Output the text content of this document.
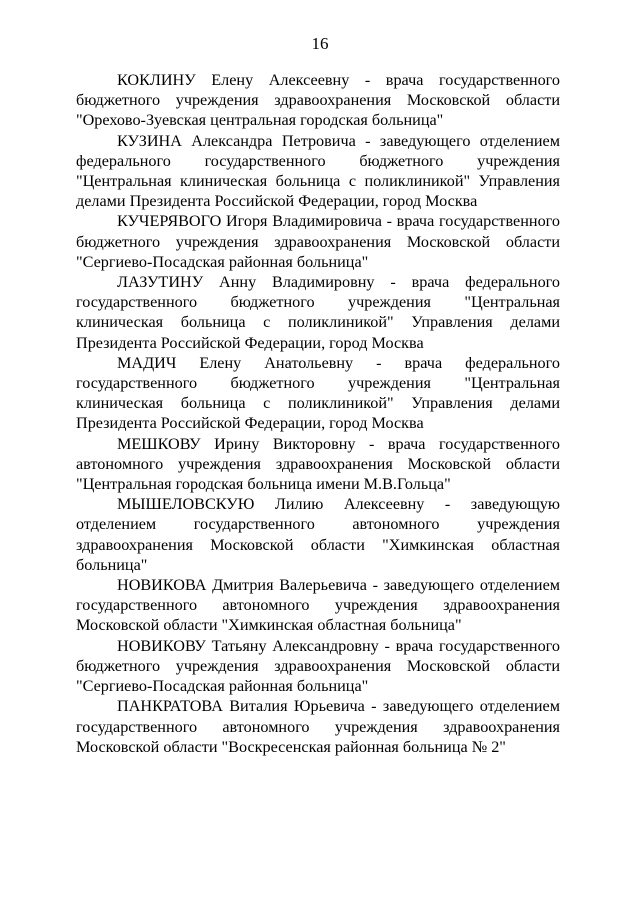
16

КОКЛИНУ Елену Алексеевну - врача государственного бюджетного учреждения здравоохранения Московской области "Орехово-Зуевская центральная городская больница"

КУЗИНА Александра Петровича - заведующего отделением федерального государственного бюджетного учреждения "Центральная клиническая больница с поликлиникой" Управления делами Президента Российской Федерации, город Москва

КУЧЕРЯВОГО Игоря Владимировича - врача государственного бюджетного учреждения здравоохранения Московской области "Сергиево-Посадская районная больница"

ЛАЗУТИНУ Анну Владимировну - врача федерального государственного бюджетного учреждения "Центральная клиническая больница с поликлиникой" Управления делами Президента Российской Федерации, город Москва

МАДИЧ Елену Анатольевну - врача федерального государственного бюджетного учреждения "Центральная клиническая больница с поликлиникой" Управления делами Президента Российской Федерации, город Москва

МЕШКОВУ Ирину Викторовну - врача государственного автономного учреждения здравоохранения Московской области "Центральная городская больница имени М.В.Гольца"

МЫШЕЛОВСКУЮ Лилию Алексеевну - заведующую отделением государственного автономного учреждения здравоохранения Московской области "Химкинская областная больница"

НОВИКОВА Дмитрия Валерьевича - заведующего отделением государственного автономного учреждения здравоохранения Московской области "Химкинская областная больница"

НОВИКОВУ Татьяну Александровну - врача государственного бюджетного учреждения здравоохранения Московской области "Сергиево-Посадская районная больница"

ПАНКРАТОВА Виталия Юрьевича - заведующего отделением государственного автономного учреждения здравоохранения Московской области "Воскресенская районная больница № 2"
